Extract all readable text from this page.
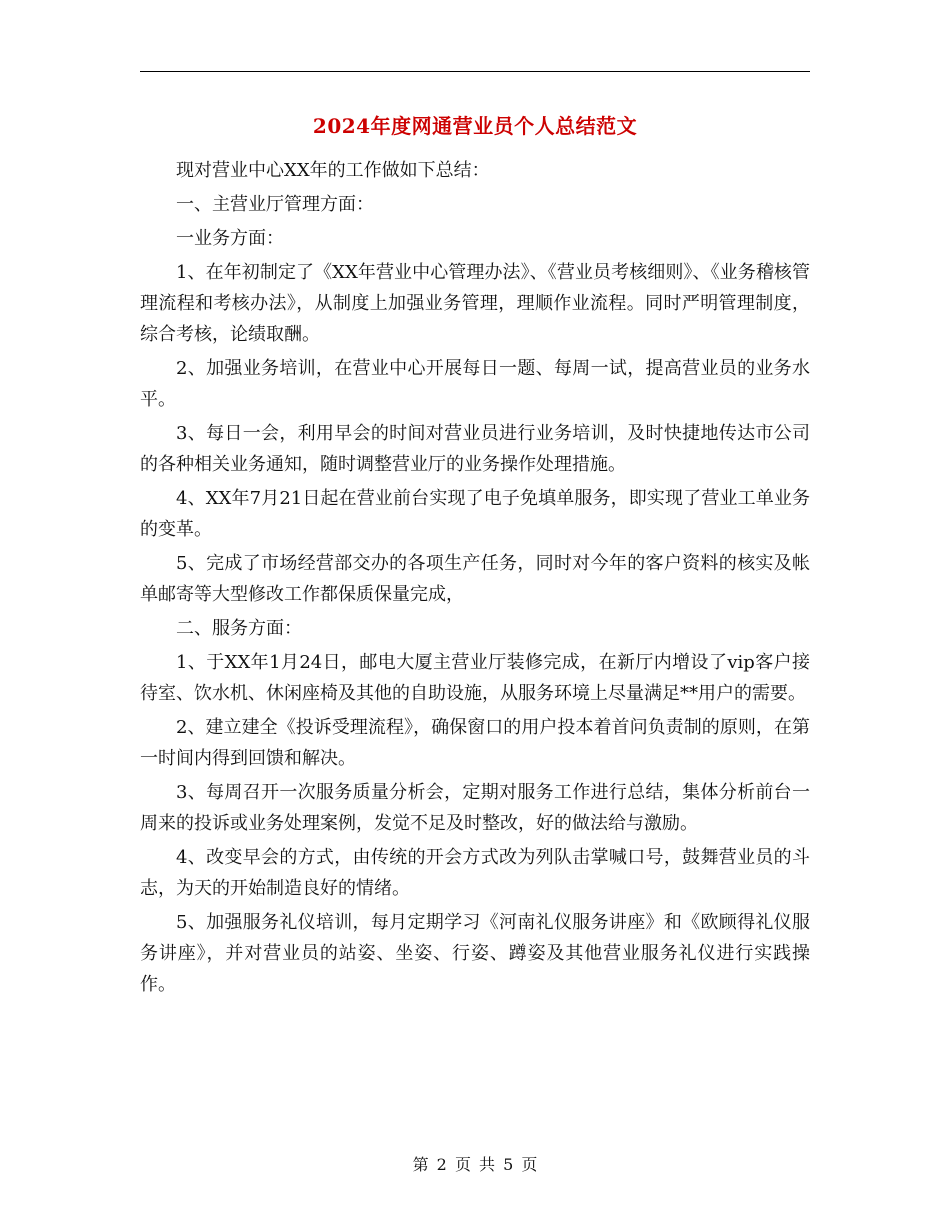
2024年度网通营业员个人总结范文

现对营业中心XX年的工作做如下总结：

一、主营业厅管理方面：

一业务方面：

1、在年初制定了《XX年营业中心管理办法》、《营业员考核细则》、《业务稽核管理流程和考核办法》，从制度上加强业务管理，理顺作业流程。同时严明管理制度，综合考核，论绩取酬。

2、加强业务培训，在营业中心开展每日一题、每周一试，提高营业员的业务水平。

3、每日一会，利用早会的时间对营业员进行业务培训，及时快捷地传达市公司的各种相关业务通知，随时调整营业厅的业务操作处理措施。

4、XX年7月21日起在营业前台实现了电子免填单服务，即实现了营业工单业务的变革。

5、完成了市场经营部交办的各项生产任务，同时对今年的客户资料的核实及帐单邮寄等大型修改工作都保质保量完成，

二、服务方面：

1、于XX年1月24日，邮电大厦主营业厅装修完成，在新厅内增设了vip客户接待室、饮水机、休闲座椅及其他的自助设施，从服务环境上尽量满足**用户的需要。

2、建立建全《投诉受理流程》，确保窗口的用户投本着首问负责制的原则，在第一时间内得到回馈和解决。

3、每周召开一次服务质量分析会，定期对服务工作进行总结，集体分析前台一周来的投诉或业务处理案例，发觉不足及时整改，好的做法给与激励。

4、改变早会的方式，由传统的开会方式改为列队击掌喊口号，鼓舞营业员的斗志，为天的开始制造良好的情绪。

5、加强服务礼仪培训，每月定期学习《河南礼仪服务讲座》和《欧顾得礼仪服务讲座》，并对营业员的站姿、坐姿、行姿、蹲姿及其他营业服务礼仪进行实践操作。

第 2 页 共 5 页
